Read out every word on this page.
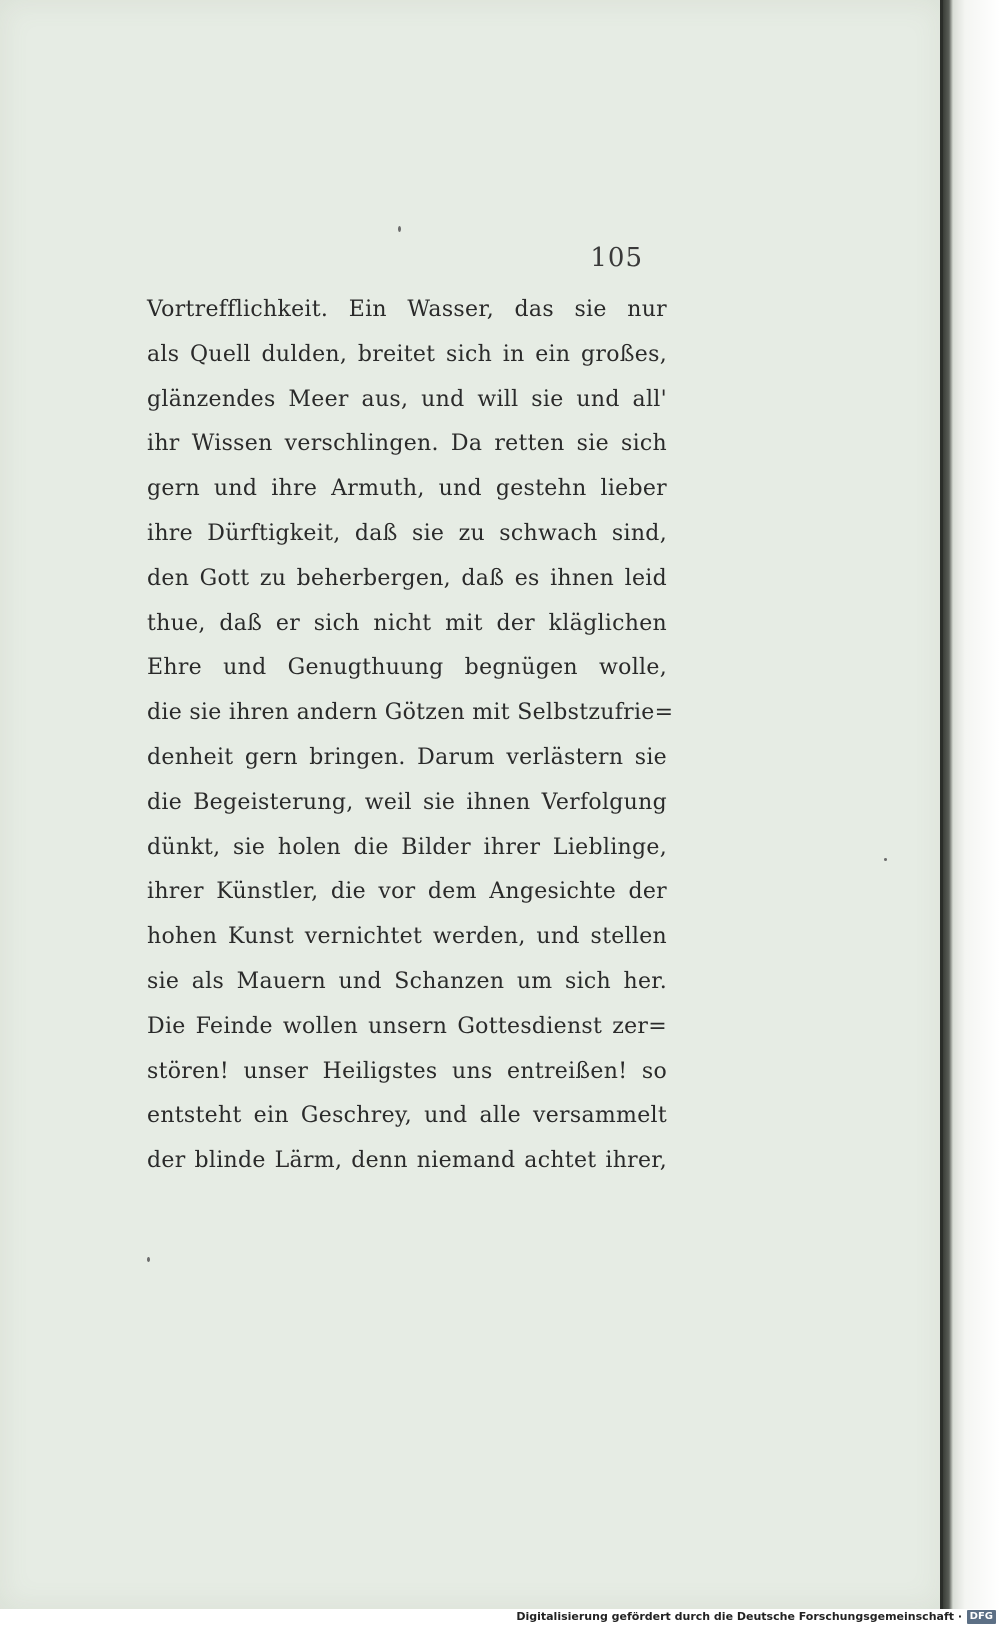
105
Vortrefflichkeit. Ein Wasser, das sie nur
als Quell dulden, breitet sich in ein großes,
glänzendes Meer aus, und will sie und all'
ihr Wissen verschlingen. Da retten sie sich
gern und ihre Armuth, und gestehn lieber
ihre Dürftigkeit, daß sie zu schwach sind,
den Gott zu beherbergen, daß es ihnen leid
thue, daß er sich nicht mit der kläglichen
Ehre und Genugthuung begnügen wolle,
die sie ihren andern Götzen mit Selbstzufrie=
denheit gern bringen. Darum verlästern sie
die Begeisterung, weil sie ihnen Verfolgung
dünkt, sie holen die Bilder ihrer Lieblinge,
ihrer Künstler, die vor dem Angesichte der
hohen Kunst vernichtet werden, und stellen
sie als Mauern und Schanzen um sich her.
Die Feinde wollen unsern Gottesdienst zer=
stören! unser Heiligstes uns entreißen! so
entsteht ein Geschrey, und alle versammelt
der blinde Lärm, denn niemand achtet ihrer,
Digitalisierung gefördert durch die Deutsche Forschungsgemeinschaft · DFG
